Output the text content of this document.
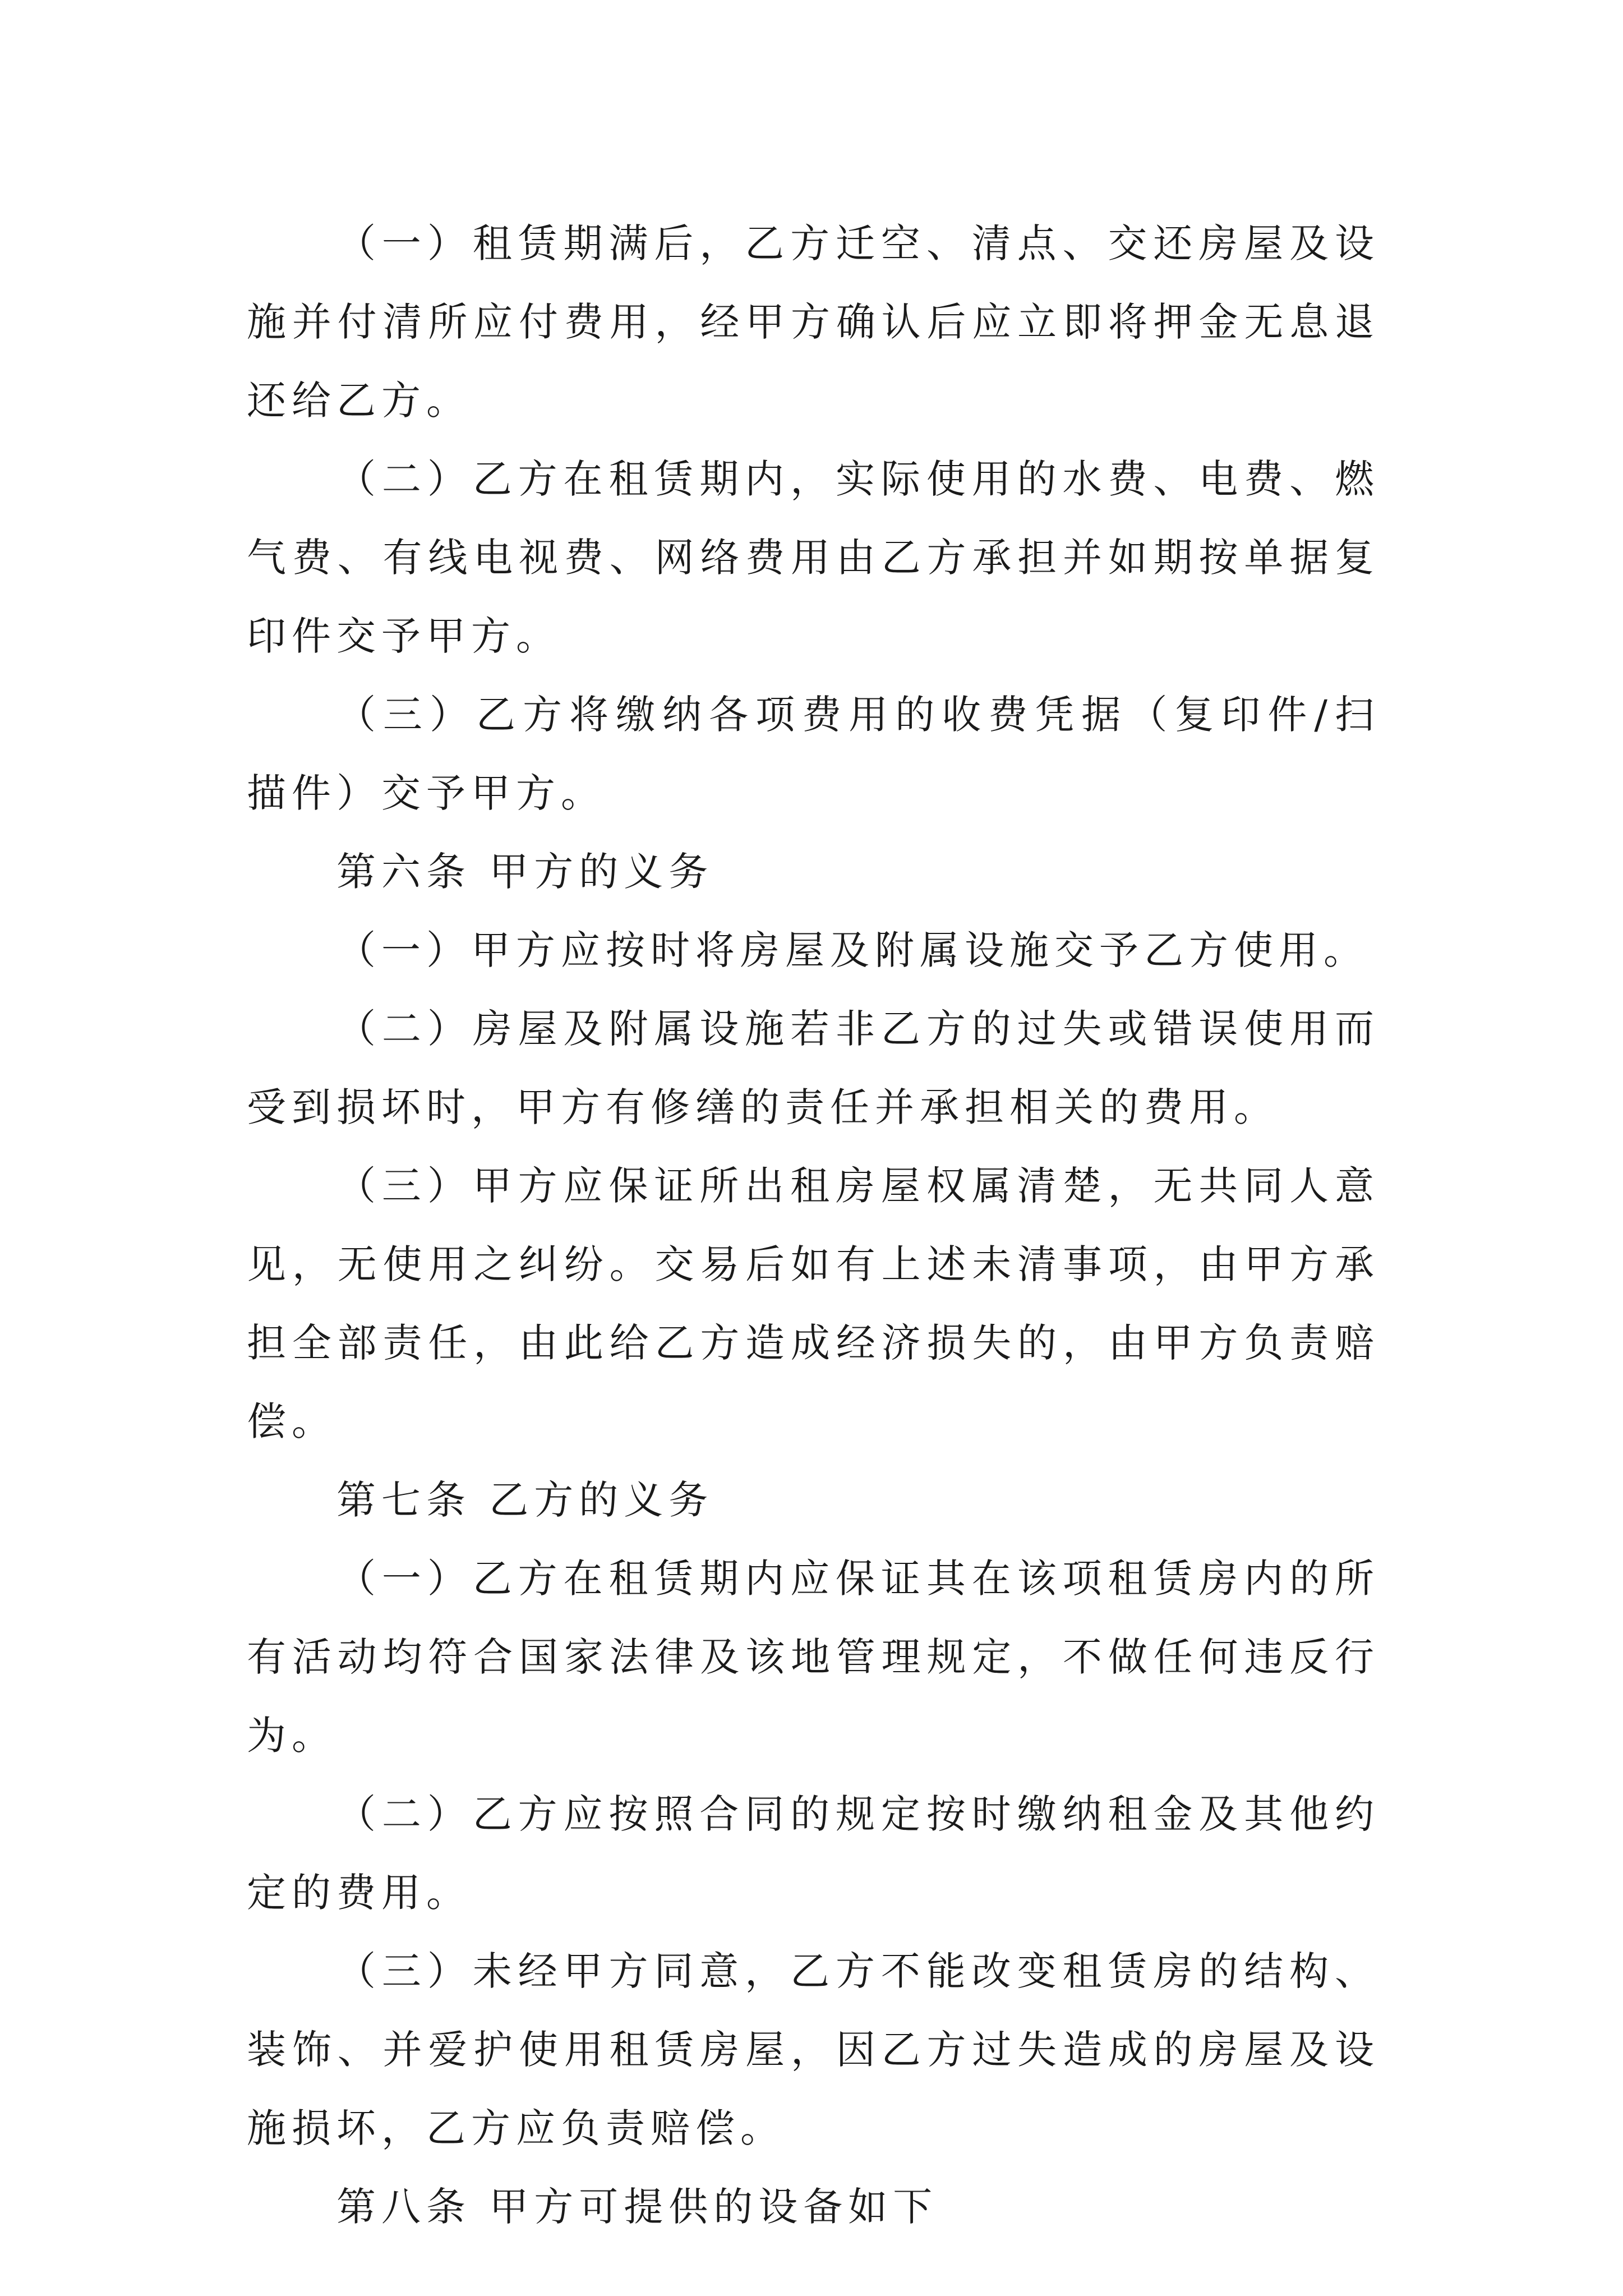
（一）租赁期满后，乙方迁空、清点、交还房屋及设施并付清所应付费用，经甲方确认后应立即将押金无息退还给乙方。

（二）乙方在租赁期内，实际使用的水费、电费、燃气费、有线电视费、网络费用由乙方承担并如期按单据复印件交予甲方。

（三）乙方将缴纳各项费用的收费凭据（复印件/扫描件）交予甲方。

第六条 甲方的义务

（一）甲方应按时将房屋及附属设施交予乙方使用。

（二）房屋及附属设施若非乙方的过失或错误使用而受到损坏时，甲方有修缮的责任并承担相关的费用。

（三）甲方应保证所出租房屋权属清楚，无共同人意见，无使用之纠纷。交易后如有上述未清事项，由甲方承担全部责任，由此给乙方造成经济损失的，由甲方负责赔偿。

第七条 乙方的义务

（一）乙方在租赁期内应保证其在该项租赁房内的所有活动均符合国家法律及该地管理规定，不做任何违反行为。

（二）乙方应按照合同的规定按时缴纳租金及其他约定的费用。

（三）未经甲方同意，乙方不能改变租赁房的结构、装饰、并爱护使用租赁房屋，因乙方过失造成的房屋及设施损坏，乙方应负责赔偿。

第八条 甲方可提供的设备如下
